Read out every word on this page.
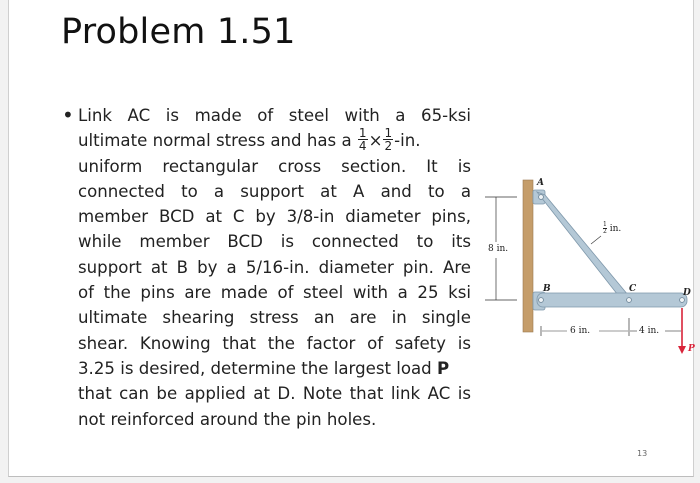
Problem 1.51
• Link AC is made of steel with a 65-ksi
ultimate normal stress and has a $\frac{1}{4} \times \frac{1}{2} -in$.
uniform rectangular cross section. It is
connected to a support at A and to a
member BCD at C by 3/8-in diameter pins,
while member BCD is connected to its
support at B by a 5/16-in. diameter pin. Are
of the pins are made of steel with a 25 ksi
ultimate shearing stress an are in single
shear. Knowing that the factor of safety is
3.25 is desired, determine the largest load P
that can be applied at D. Note that link AC is
not reinforced around the pin holes.
A
B	C	D
P
8 in.
$\frac{1}{2}$ in.
6 in.	4 in.
13
